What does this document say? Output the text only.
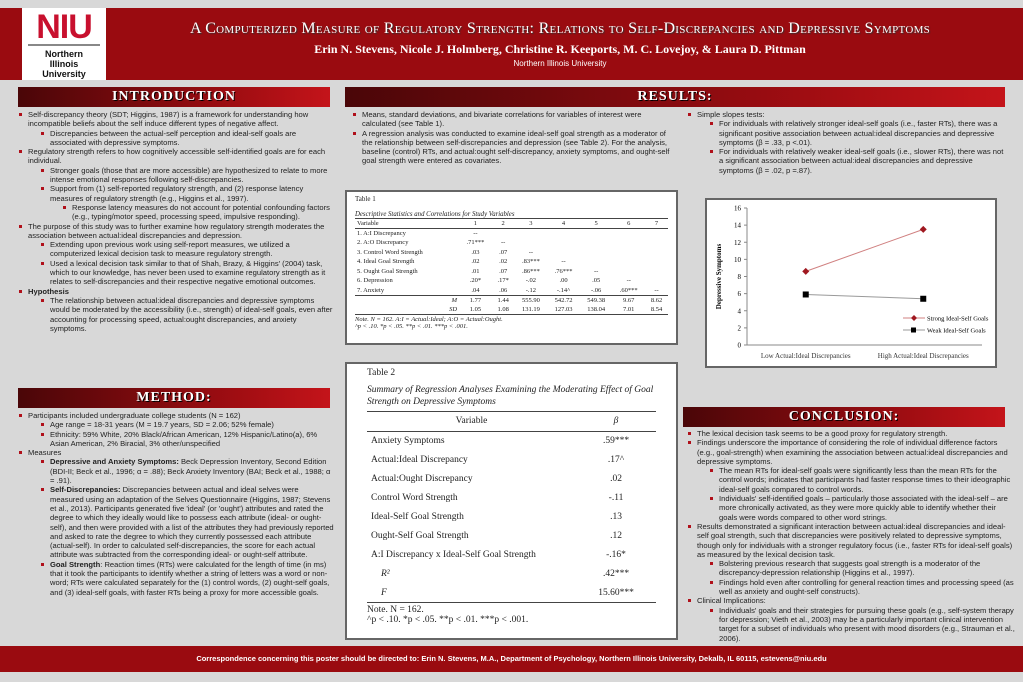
NIU
Northern
Illinois
University
A Computerized Measure of Regulatory Strength: Relations to Self-Discrepancies and Depressive Symptoms
Erin N. Stevens, Nicole J. Holmberg, Christine R. Keeports, M. C. Lovejoy, & Laura D. Pittman
Northern Illinois University
INTRODUCTION
Self-discrepancy theory (SDT; Higgins, 1987) is a framework for understanding how incompatible beliefs about the self induce different types of negative affect.
Discrepancies between the actual-self perception and ideal-self goals are associated with depressive symptoms.
Regulatory strength refers to how cognitively accessible self-identified goals are for each individual.
Stronger goals (those that are more accessible) are hypothesized to relate to more intense emotional responses following self-discrepancies.
Support from (1) self-reported regulatory strength, and (2) response latency measures of regulatory strength (e.g., Higgins et al., 1997).
Response latency measures do not account for potential confounding factors (e.g., typing/motor speed, processing speed, impulsive responding).
The purpose of this study was to further examine how regulatory strength moderates the association between actual:ideal discrepancies and depression.
Extending upon previous work using self-report measures, we utilized a computerized lexical decision task to measure regulatory strength.
Used a lexical decision task similar to that of Shah, Brazy, & Higgins' (2004) task, which to our knowledge, has never been used to examine regulatory strength as it relates to self-discrepancies and their respective negative emotional outcomes.
Hypothesis
The relationship between actual:ideal discrepancies and depressive symptoms would be moderated by the accessibility (i.e., strength) of ideal-self goals, even after accounting for processing speed, actual:ought discrepancies, and anxiety symptoms.
METHOD:
Participants included undergraduate college students (N = 162)
Age range = 18-31 years (M = 19.7 years, SD = 2.06; 52% female)
Ethnicity: 59% White, 20% Black/African American, 12% Hispanic/Latino(a), 6% Asian American, 2% Biracial, 3% other/unspecified
Measures
Depressive and Anxiety Symptoms: Beck Depression Inventory, Second Edition (BDI-II; Beck et al., 1996; α = .88); Beck Anxiety Inventory (BAI; Beck et al., 1988; α = .91).
Self-Discrepancies: Discrepancies between actual and ideal selves were measured using an adaptation of the Selves Questionnaire (Higgins, 1987; Stevens et al., 2013). Participants generated five 'ideal' (or 'ought') attributes and rated the degree to which they ideally would like to possess each attribute (ideal- or ought-self), and then were provided with a list of the attributes they had previously reported and asked to rate the degree to which they currently possessed each attribute (actual-self). In order to calculated self-discrepancies, the score for each actual attribute was subtracted from the corresponding ideal- or ought-self attribute.
Goal Strength: Reaction times (RTs) were calculated for the length of time (in ms) that it took the participants to identify whether a string of letters was a word or non-word; RTs were calculated separately for the (1) control words, (2) ought-self goals, and (3) ideal-self goals, with faster RTs being a proxy for more accessible goals.
RESULTS:
Means, standard deviations, and bivariate correlations for variables of interest were calculated (see Table 1).
A regression analysis was conducted to examine ideal-self goal strength as a moderator of the relationship between self-discrepancies and depression (see Table 2). For the analysis, baseline (control) RTs, and actual:ought self-discrepancy, anxiety symptoms, and ought-self goal strength were entered as covariates.
Simple slopes tests:
For individuals with relatively stronger ideal-self goals (i.e., faster RTs), there was a significant positive association between actual:ideal discrepancies and depressive symptoms (β = .33, p <.01).
For individuals with relatively weaker ideal-self goals (i.e., slower RTs), there was not a significant association between actual:ideal discrepancies and depressive symptoms (β = .02, p =.87).
Table 1
Descriptive Statistics and Correlations for Study Variables
Variable	1	2	3	4	5	6	7
1. A:I Discrepancy	--						
2. A:O Discrepancy	.71***	--					
3. Control Word Strength	.03	.07	--				
4. Ideal Goal Strength	.02	.02	.83***	--			
5. Ought Goal Strength	.01	.07	.86***	.76***	--		
6. Depression	.20*	.17*	-.02	.00	.05	--	
7. Anxiety	.04	.06	-.12	-.14^	-.06	.60***	--
M	1.77	1.44	555.90	542.72	549.38	9.67	8.62
SD	1.05	1.08	131.19	127.03	138.04	7.01	8.54
Note. N = 162. A:I = Actual:Ideal; A:O = Actual:Ought.
^p < .10. *p < .05. **p < .01. ***p < .001.
0
2
4
6
8
10
12
14
16
Low Actual:Ideal Discrepancies	High Actual:Ideal Discrepancies
Depressive Symptoms
Strong Ideal-Self Goals
Weak Ideal-Self Goals
Table 2
Summary of Regression Analyses Examining the Moderating Effect of Goal Strength on Depressive Symptoms
Variable	β
Anxiety Symptoms	.59***
Actual:Ideal Discrepancy	.17^
Actual:Ought Discrepancy	.02
Control Word Strength	-.11
Ideal-Self Goal Strength	.13
Ought-Self Goal Strength	.12
A:I Discrepancy x Ideal-Self Goal Strength	-.16*
R²	.42***
F	15.60***
Note. N = 162.
^p < .10. *p < .05. **p < .01. ***p < .001.
CONCLUSION:
The lexical decision task seems to be a good proxy for regulatory strength.
Findings underscore the importance of considering the role of individual difference factors (e.g., goal-strength) when examining the association between actual:ideal discrepancies and depressive symptoms.
The mean RTs for ideal-self goals were significantly less than the mean RTs for the control words; indicates that participants had faster response times to their ideographic ideal-self goals compared to control words.
Individuals' self-identified goals – particularly those associated with the ideal-self – are more chronically activated, as they were more quickly able to identify whether their goals were words compared to other word strings.
Results demonstrated a significant interaction between actual:ideal discrepancies and ideal-self goal strength, such that discrepancies were positively related to depressive symptoms, though only for individuals with a stronger regulatory focus (i.e., faster RTs for ideal-self goals) as measured by the lexical decision task.
Bolstering previous research that suggests goal strength is a moderator of the discrepancy-depression relationship (Higgins et al., 1997).
Findings hold even after controlling for general reaction times and processing speed (as well as anxiety and ought-self constructs).
Clinical Implications:
Individuals' goals and their strategies for pursuing these goals (e.g., self-system therapy for depression; Vieth et al., 2003) may be a particularly important clinical intervention target for a subset of individuals who present with mood disorders (e.g., Strauman et al., 2006).
Correspondence concerning this poster should be directed to: Erin N. Stevens, M.A., Department of Psychology, Northern Illinois University, Dekalb, IL 60115, estevens@niu.edu
